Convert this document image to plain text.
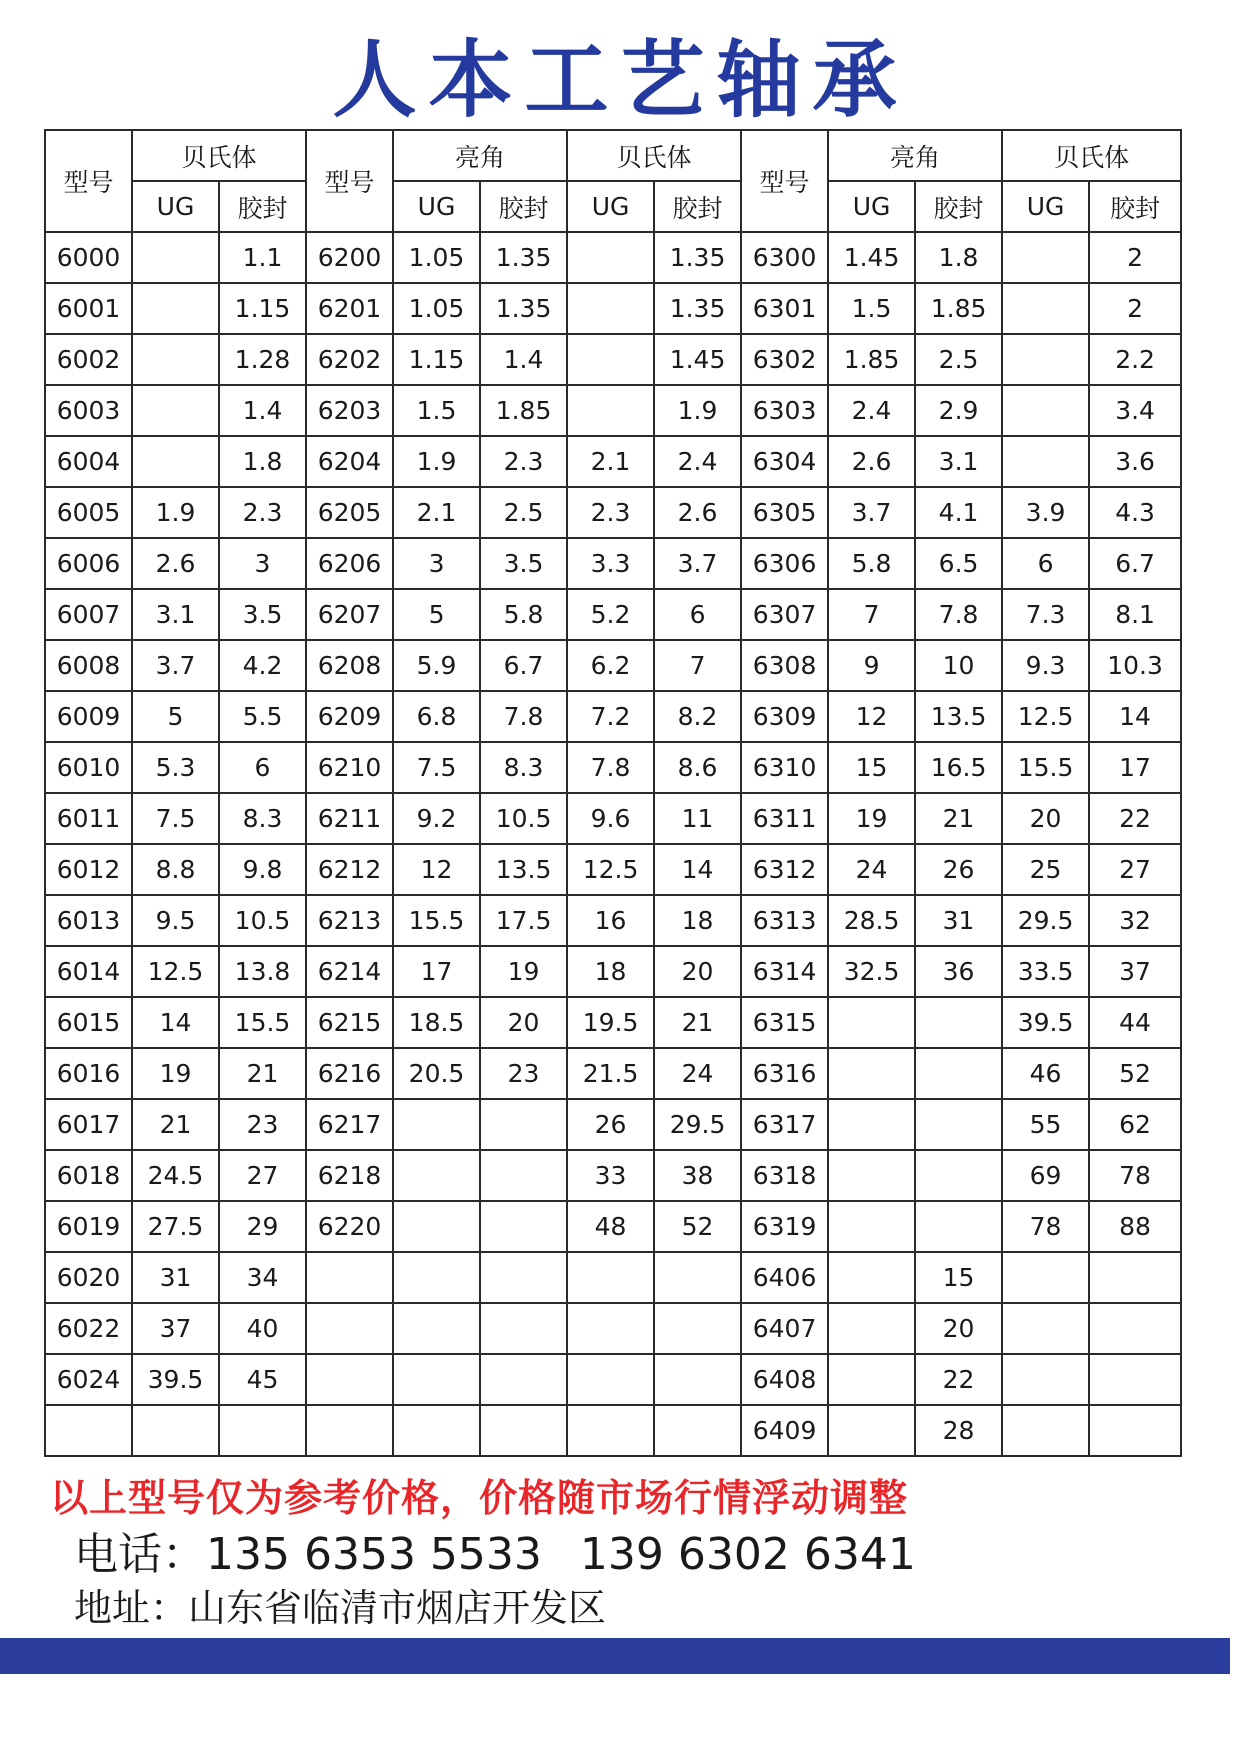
人本工艺轴承
型号	贝氏体		型号	亮角		贝氏体		型号	亮角		贝氏体	
	UG	胶封		UG	胶封	UG	胶封		UG	胶封	UG	胶封
6000		1.1	6200	1.05	1.35		1.35	6300	1.45	1.8		2
6001		1.15	6201	1.05	1.35		1.35	6301	1.5	1.85		2
6002		1.28	6202	1.15	1.4		1.45	6302	1.85	2.5		2.2
6003		1.4	6203	1.5	1.85		1.9	6303	2.4	2.9		3.4
6004		1.8	6204	1.9	2.3	2.1	2.4	6304	2.6	3.1		3.6
6005	1.9	2.3	6205	2.1	2.5	2.3	2.6	6305	3.7	4.1	3.9	4.3
6006	2.6	3	6206	3	3.5	3.3	3.7	6306	5.8	6.5	6	6.7
6007	3.1	3.5	6207	5	5.8	5.2	6	6307	7	7.8	7.3	8.1
6008	3.7	4.2	6208	5.9	6.7	6.2	7	6308	9	10	9.3	10.3
6009	5	5.5	6209	6.8	7.8	7.2	8.2	6309	12	13.5	12.5	14
6010	5.3	6	6210	7.5	8.3	7.8	8.6	6310	15	16.5	15.5	17
6011	7.5	8.3	6211	9.2	10.5	9.6	11	6311	19	21	20	22
6012	8.8	9.8	6212	12	13.5	12.5	14	6312	24	26	25	27
6013	9.5	10.5	6213	15.5	17.5	16	18	6313	28.5	31	29.5	32
6014	12.5	13.8	6214	17	19	18	20	6314	32.5	36	33.5	37
6015	14	15.5	6215	18.5	20	19.5	21	6315			39.5	44
6016	19	21	6216	20.5	23	21.5	24	6316			46	52
6017	21	23	6217			26	29.5	6317			55	62
6018	24.5	27	6218			33	38	6318			69	78
6019	27.5	29	6220			48	52	6319			78	88
6020	31	34						6406		15		
6022	37	40						6407		20		
6024	39.5	45						6408		22		
								6409		28		
以上型号仅为参考价格，价格随市场行情浮动调整
电话：135 6353 5533 139 6302 6341
地址：山东省临清市烟店开发区
